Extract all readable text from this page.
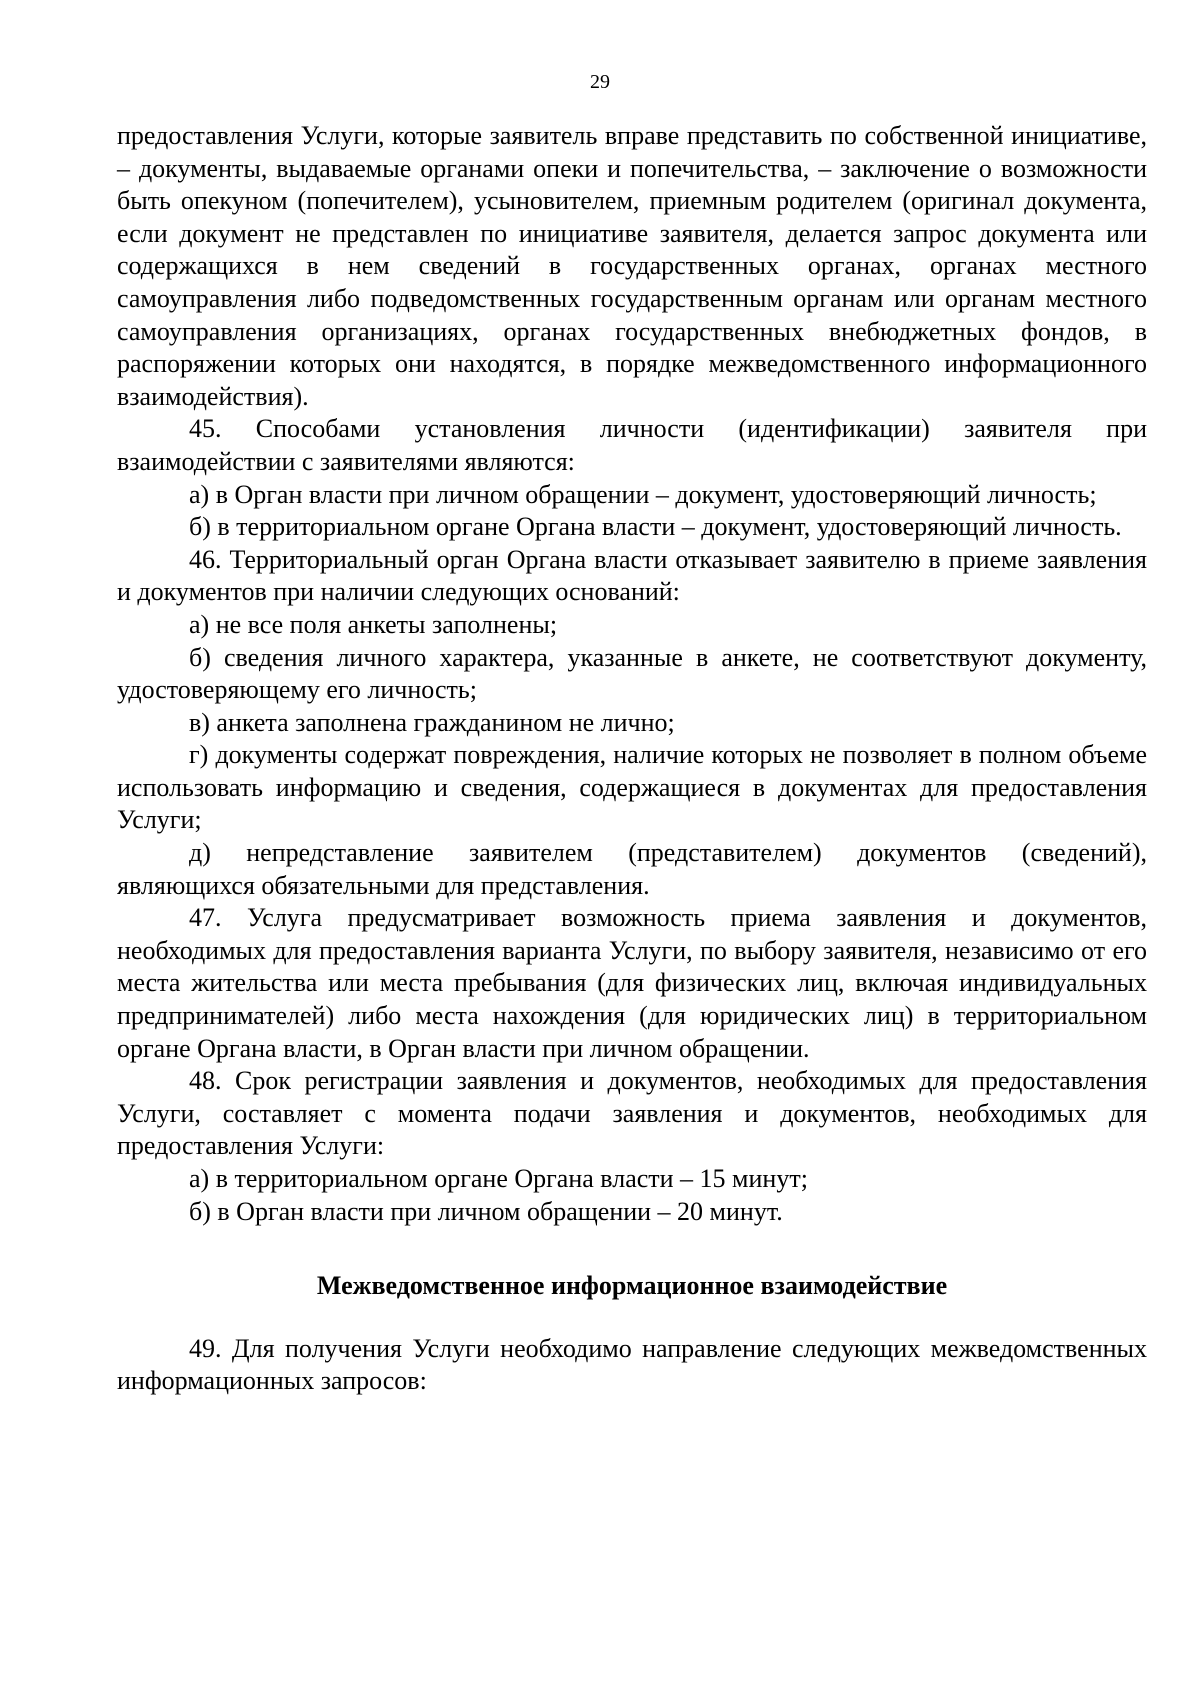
29

предоставления Услуги, которые заявитель вправе представить по собственной инициативе, – документы, выдаваемые органами опеки и попечительства, – заключение о возможности быть опекуном (попечителем), усыновителем, приемным родителем (оригинал документа, если документ не представлен по инициативе заявителя, делается запрос документа или содержащихся в нем сведений в государственных органах, органах местного самоуправления либо подведомственных государственным органам или органам местного самоуправления организациях, органах государственных внебюджетных фондов, в распоряжении которых они находятся, в порядке межведомственного информационного взаимодействия).

45. Способами установления личности (идентификации) заявителя при взаимодействии с заявителями являются:

а) в Орган власти при личном обращении – документ, удостоверяющий личность;

б) в территориальном органе Органа власти – документ, удостоверяющий личность.

46. Территориальный орган Органа власти отказывает заявителю в приеме заявления и документов при наличии следующих оснований:

а) не все поля анкеты заполнены;

б) сведения личного характера, указанные в анкете, не соответствуют документу, удостоверяющему его личность;

в) анкета заполнена гражданином не лично;

г) документы содержат повреждения, наличие которых не позволяет в полном объеме использовать информацию и сведения, содержащиеся в документах для предоставления Услуги;

д) непредставление заявителем (представителем) документов (сведений), являющихся обязательными для представления.

47. Услуга предусматривает возможность приема заявления и документов, необходимых для предоставления варианта Услуги, по выбору заявителя, независимо от его места жительства или места пребывания (для физических лиц, включая индивидуальных предпринимателей) либо места нахождения (для юридических лиц) в территориальном органе Органа власти, в Орган власти при личном обращении.

48. Срок регистрации заявления и документов, необходимых для предоставления Услуги, составляет с момента подачи заявления и документов, необходимых для предоставления Услуги:

а) в территориальном органе Органа власти – 15 минут;

б) в Орган власти при личном обращении – 20 минут.

Межведомственное информационное взаимодействие

49. Для получения Услуги необходимо направление следующих межведомственных информационных запросов:
